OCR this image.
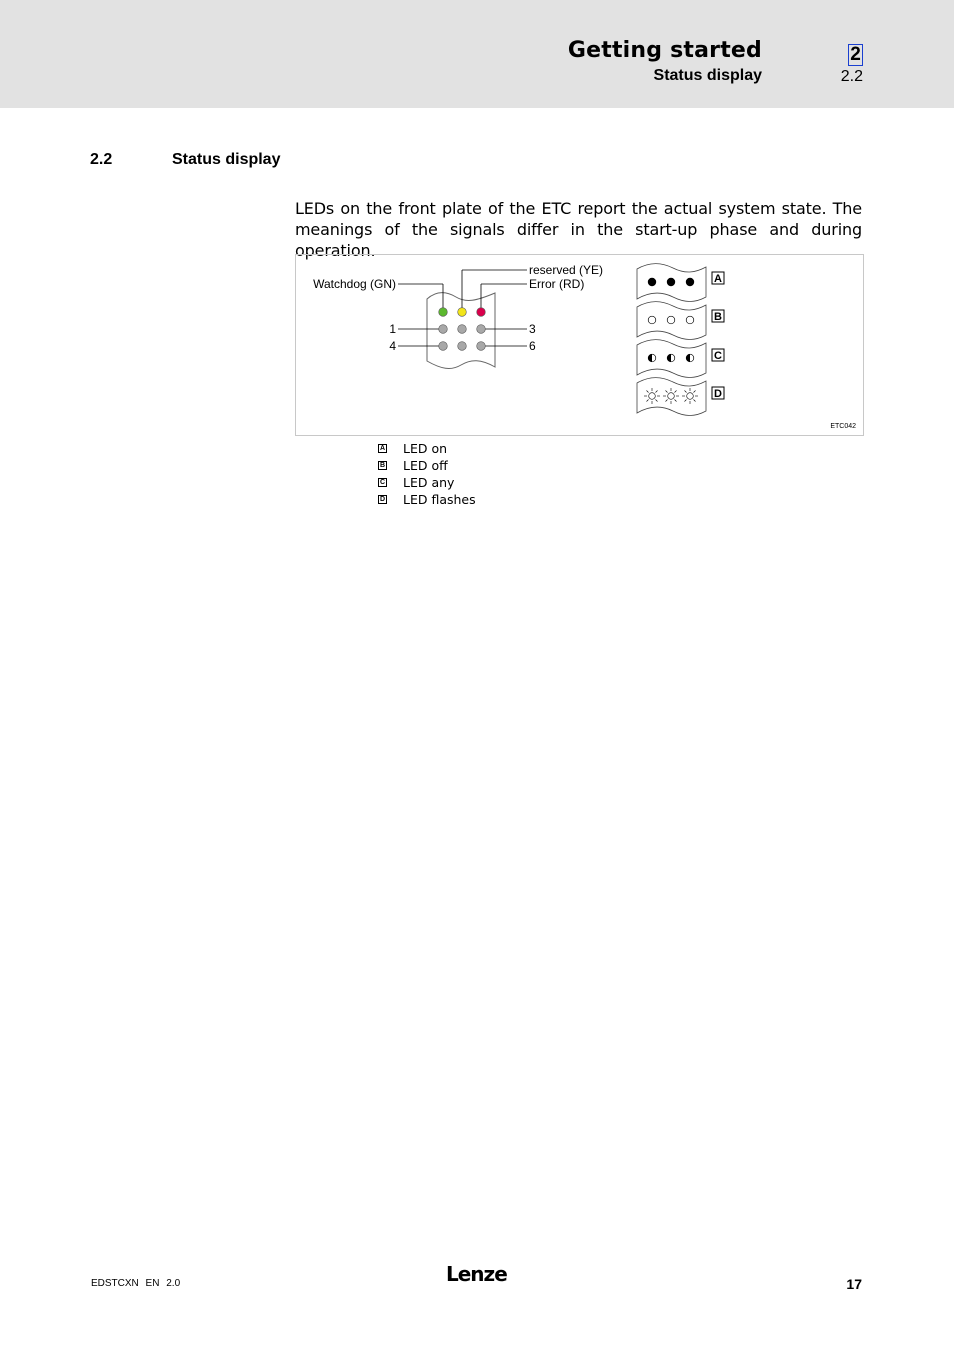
Getting started
Status display
2
2.2
2.2	Status display
LEDs on the front plate of the ETC report the actual system state. The meanings of the signals differ in the start-up phase and during operation.
Watchdog (GN)
reserved (YE)
Error (RD)
1
4
3
6
A
B
C
D
ETC042
A LED on
B LED off
C LED any
D LED flashes
EDSTCXN EN 2.0	Lenze	17
